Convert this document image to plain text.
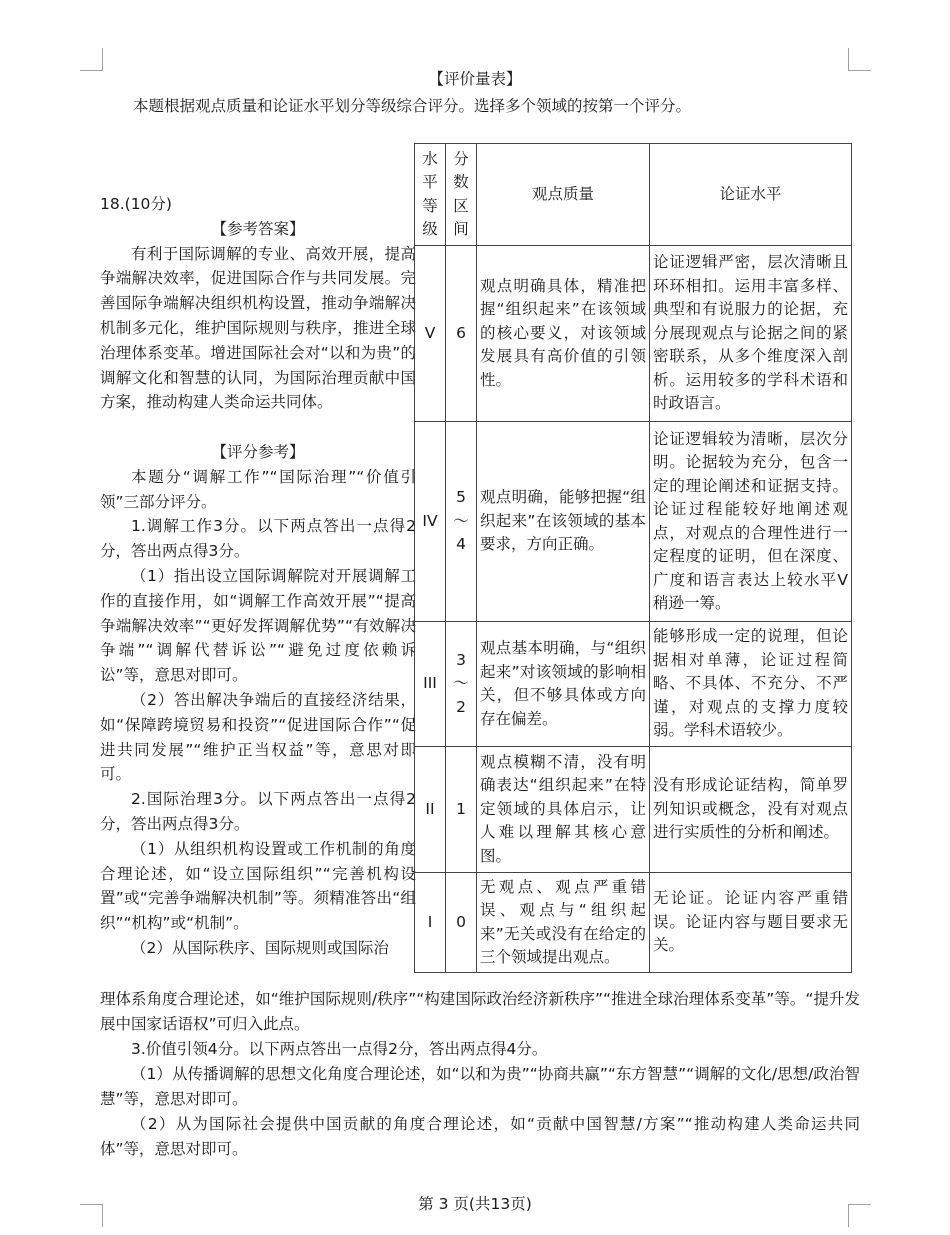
【评价量表】
本题根据观点质量和论证水平划分等级综合评分。选择多个领域的按第一个评分。

18.(10分)

【参考答案】

有利于国际调解的专业、高效开展，提高争端解决效率，促进国际合作与共同发展。完善国际争端解决组织机构设置，推动争端解决机制多元化，维护国际规则与秩序，推进全球治理体系变革。增进国际社会对“以和为贵”的调解文化和智慧的认同，为国际治理贡献中国方案，推动构建人类命运共同体。

【评分参考】

本题分“调解工作”“国际治理”“价值引领”三部分评分。

1.调解工作3分。以下两点答出一点得2分，答出两点得3分。

（1）指出设立国际调解院对开展调解工作的直接作用，如“调解工作高效开展”“提高争端解决效率”“更好发挥调解优势”“有效解决争端”“调解代替诉讼”“避免过度依赖诉讼”等，意思对即可。

（2）答出解决争端后的直接经济结果，如“保障跨境贸易和投资”“促进国际合作”“促进共同发展”“维护正当权益”等，意思对即可。

2.国际治理3分。以下两点答出一点得2分，答出两点得3分。

（1）从组织机构设置或工作机制的角度合理论述，如“设立国际组织”“完善机构设置”或“完善争端解决机制”等。须精准答出“组织”“机构”或“机制”。

（2）从国际秩序、国际规则或国际治

水平等级	分数区间	观点质量	论证水平
V	6	观点明确具体，精准把握“组织起来”在该领域的核心要义，对该领域发展具有高价值的引领性。	论证逻辑严密，层次清晰且环环相扣。运用丰富多样、典型和有说服力的论据，充分展现观点与论据之间的紧密联系，从多个维度深入剖析。运用较多的学科术语和时政语言。
IV	5～4	观点明确，能够把握“组织起来”在该领域的基本要求，方向正确。	论证逻辑较为清晰，层次分明。论据较为充分，包含一定的理论阐述和证据支持。论证过程能较好地阐述观点，对观点的合理性进行一定程度的证明，但在深度、广度和语言表达上较水平V稍逊一筹。
III	3～2	观点基本明确，与“组织起来”对该领域的影响相关，但不够具体或方向存在偏差。	能够形成一定的说理，但论据相对单薄，论证过程简略、不具体、不充分、不严谨，对观点的支撑力度较弱。学科术语较少。
II	1	观点模糊不清，没有明确表达“组织起来”在特定领域的具体启示，让人难以理解其核心意图。	没有形成论证结构，简单罗列知识或概念，没有对观点进行实质性的分析和阐述。
I	0	无观点、观点严重错误、观点与“组织起来”无关或没有在给定的三个领域提出观点。	无论证。论证内容严重错误。论证内容与题目要求无关。

理体系角度合理论述，如“维护国际规则/秩序”“构建国际政治经济新秩序”“推进全球治理体系变革”等。“提升发展中国家话语权”可归入此点。

3.价值引领4分。以下两点答出一点得2分，答出两点得4分。

（1）从传播调解的思想文化角度合理论述，如“以和为贵”“协商共赢”“东方智慧”“调解的文化/思想/政治智慧”等，意思对即可。

（2）从为国际社会提供中国贡献的角度合理论述，如“贡献中国智慧/方案”“推动构建人类命运共同体”等，意思对即可。

第 3 页(共13页)
